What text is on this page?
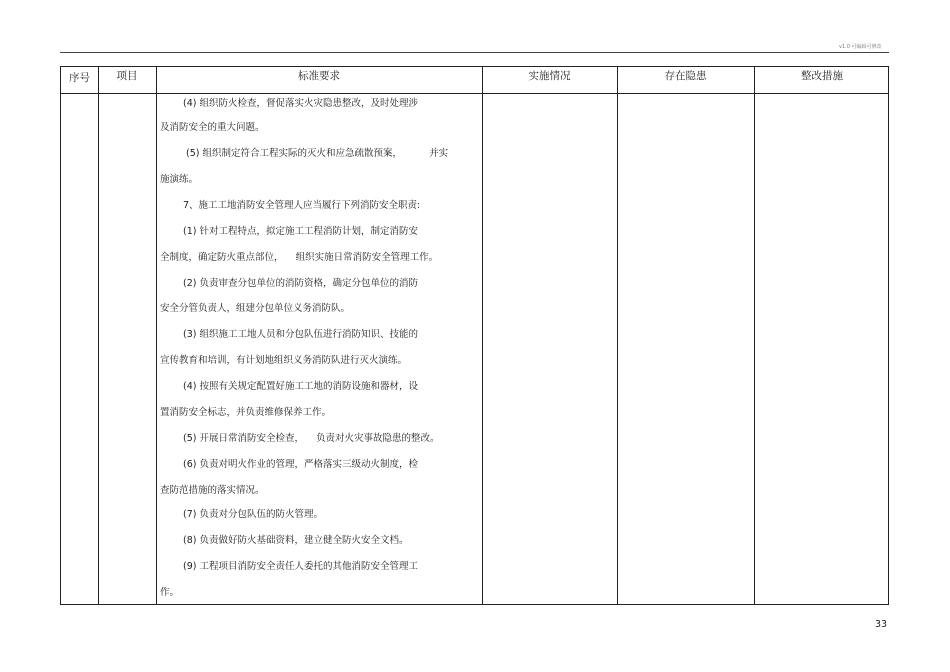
v1.0 可编辑可修改
序号	项目	标准要求	实施情况	存在隐患	整改措施
(4) 组织防火检查，督促落实火灾隐患整改，及时处理涉
及消防安全的重大问题。
(5) 组织制定符合工程实际的灭火和应急疏散预案，         并实
施演练。
7、施工工地消防安全管理人应当履行下列消防安全职责:
(1) 针对工程特点，拟定施工工程消防计划，制定消防安
全制度，确定防火重点部位，    组织实施日常消防安全管理工作。
(2) 负责审查分包单位的消防资格，确定分包单位的消防
安全分管负责人，组建分包单位义务消防队。
(3) 组织施工工地人员和分包队伍进行消防知识、技能的
宣传教育和培训，有计划地组织义务消防队进行灭火演练。
(4) 按照有关规定配置好施工工地的消防设施和器材，设
置消防安全标志，并负责维修保养工作。
(5) 开展日常消防安全检查，    负责对火灾事故隐患的整改。
(6) 负责对明火作业的管理，严格落实三级动火制度，检
查防范措施的落实情况。
(7) 负责对分包队伍的防火管理。
(8) 负责做好防火基础资料，建立健全防火安全文档。
(9) 工程项目消防安全责任人委托的其他消防安全管理工
作。
33
